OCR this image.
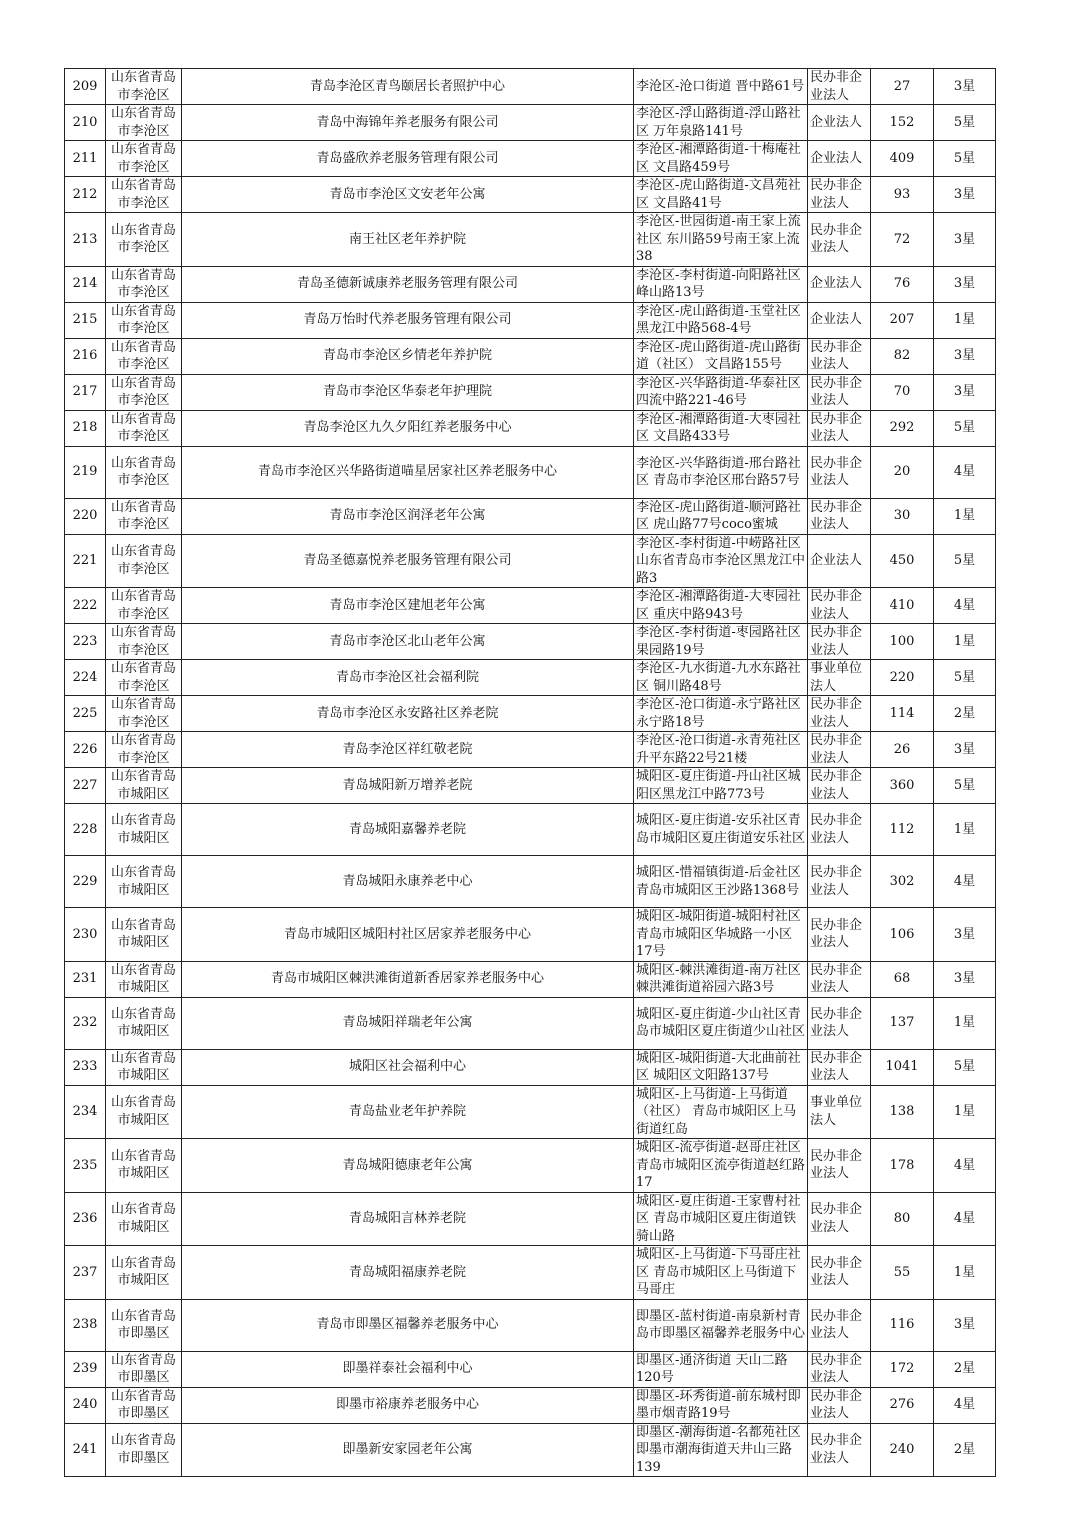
209	山东省青岛市李沧区	青岛李沧区青鸟颐居长者照护中心	李沧区-沧口街道 晋中路61号	民办非企业法人	27	3星
210	山东省青岛市李沧区	青岛中海锦年养老服务有限公司	李沧区-浮山路街道-浮山路社区 万年泉路141号	企业法人	152	5星
211	山东省青岛市李沧区	青岛盛欣养老服务管理有限公司	李沧区-湘潭路街道-十梅庵社区 文昌路459号	企业法人	409	5星
212	山东省青岛市李沧区	青岛市李沧区文安老年公寓	李沧区-虎山路街道-文昌苑社区 文昌路41号	民办非企业法人	93	3星
213	山东省青岛市李沧区	南王社区老年养护院	李沧区-世园街道-南王家上流社区 东川路59号南王家上流38	民办非企业法人	72	3星
214	山东省青岛市李沧区	青岛圣德新诚康养老服务管理有限公司	李沧区-李村街道-向阳路社区 峰山路13号	企业法人	76	3星
215	山东省青岛市李沧区	青岛万怡时代养老服务管理有限公司	李沧区-虎山路街道-玉堂社区 黑龙江中路568-4号	企业法人	207	1星
216	山东省青岛市李沧区	青岛市李沧区乡情老年养护院	李沧区-虎山路街道-虎山路街道（社区） 文昌路155号	民办非企业法人	82	3星
217	山东省青岛市李沧区	青岛市李沧区华泰老年护理院	李沧区-兴华路街道-华泰社区 四流中路221-46号	民办非企业法人	70	3星
218	山东省青岛市李沧区	青岛李沧区九久夕阳红养老服务中心	李沧区-湘潭路街道-大枣园社区 文昌路433号	民办非企业法人	292	5星
219	山东省青岛市李沧区	青岛市李沧区兴华路街道喵星居家社区养老服务中心	李沧区-兴华路街道-邢台路社区 青岛市李沧区邢台路57号	民办非企业法人	20	4星
220	山东省青岛市李沧区	青岛市李沧区润泽老年公寓	李沧区-虎山路街道-顺河路社区 虎山路77号coco蜜城	民办非企业法人	30	1星
221	山东省青岛市李沧区	青岛圣德嘉悦养老服务管理有限公司	李沧区-李村街道-中崂路社区 山东省青岛市李沧区黑龙江中路3	企业法人	450	5星
222	山东省青岛市李沧区	青岛市李沧区建旭老年公寓	李沧区-湘潭路街道-大枣园社区 重庆中路943号	民办非企业法人	410	4星
223	山东省青岛市李沧区	青岛市李沧区北山老年公寓	李沧区-李村街道-枣园路社区 果园路19号	民办非企业法人	100	1星
224	山东省青岛市李沧区	青岛市李沧区社会福利院	李沧区-九水街道-九水东路社区 铜川路48号	事业单位法人	220	5星
225	山东省青岛市李沧区	青岛市李沧区永安路社区养老院	李沧区-沧口街道-永宁路社区 永宁路18号	民办非企业法人	114	2星
226	山东省青岛市李沧区	青岛李沧区祥红敬老院	李沧区-沧口街道-永青苑社区 升平东路22号21楼	民办非企业法人	26	3星
227	山东省青岛市城阳区	青岛城阳新万增养老院	城阳区-夏庄街道-丹山社区城阳区黑龙江中路773号	民办非企业法人	360	5星
228	山东省青岛市城阳区	青岛城阳嘉馨养老院	城阳区-夏庄街道-安乐社区青岛市城阳区夏庄街道安乐社区	民办非企业法人	112	1星
229	山东省青岛市城阳区	青岛城阳永康养老中心	城阳区-惜福镇街道-后金社区 青岛市城阳区王沙路1368号	民办非企业法人	302	4星
230	山东省青岛市城阳区	青岛市城阳区城阳村社区居家养老服务中心	城阳区-城阳街道-城阳村社区 青岛市城阳区华城路一小区17号	民办非企业法人	106	3星
231	山东省青岛市城阳区	青岛市城阳区棘洪滩街道新香居家养老服务中心	城阳区-棘洪滩街道-南万社区 棘洪滩街道裕园六路3号	民办非企业法人	68	3星
232	山东省青岛市城阳区	青岛城阳祥瑞老年公寓	城阳区-夏庄街道-少山社区青岛市城阳区夏庄街道少山社区	民办非企业法人	137	1星
233	山东省青岛市城阳区	城阳区社会福利中心	城阳区-城阳街道-大北曲前社区 城阳区文阳路137号	民办非企业法人	1041	5星
234	山东省青岛市城阳区	青岛盐业老年护养院	城阳区-上马街道-上马街道（社区） 青岛市城阳区上马街道红岛	事业单位法人	138	1星
235	山东省青岛市城阳区	青岛城阳德康老年公寓	城阳区-流亭街道-赵哥庄社区 青岛市城阳区流亭街道赵红路17	民办非企业法人	178	4星
236	山东省青岛市城阳区	青岛城阳言林养老院	城阳区-夏庄街道-王家曹村社区 青岛市城阳区夏庄街道铁骑山路	民办非企业法人	80	4星
237	山东省青岛市城阳区	青岛城阳福康养老院	城阳区-上马街道-下马哥庄社区 青岛市城阳区上马街道下马哥庄	民办非企业法人	55	1星
238	山东省青岛市即墨区	青岛市即墨区福馨养老服务中心	即墨区-蓝村街道-南泉新村青岛市即墨区福馨养老服务中心	民办非企业法人	116	3星
239	山东省青岛市即墨区	即墨祥泰社会福利中心	即墨区-通济街道 天山二路120号	民办非企业法人	172	2星
240	山东省青岛市即墨区	即墨市裕康养老服务中心	即墨区-环秀街道-前东城村即墨市烟青路19号	民办非企业法人	276	4星
241	山东省青岛市即墨区	即墨新安家园老年公寓	即墨区-潮海街道-名都苑社区 即墨市潮海街道天井山三路139	民办非企业法人	240	2星
